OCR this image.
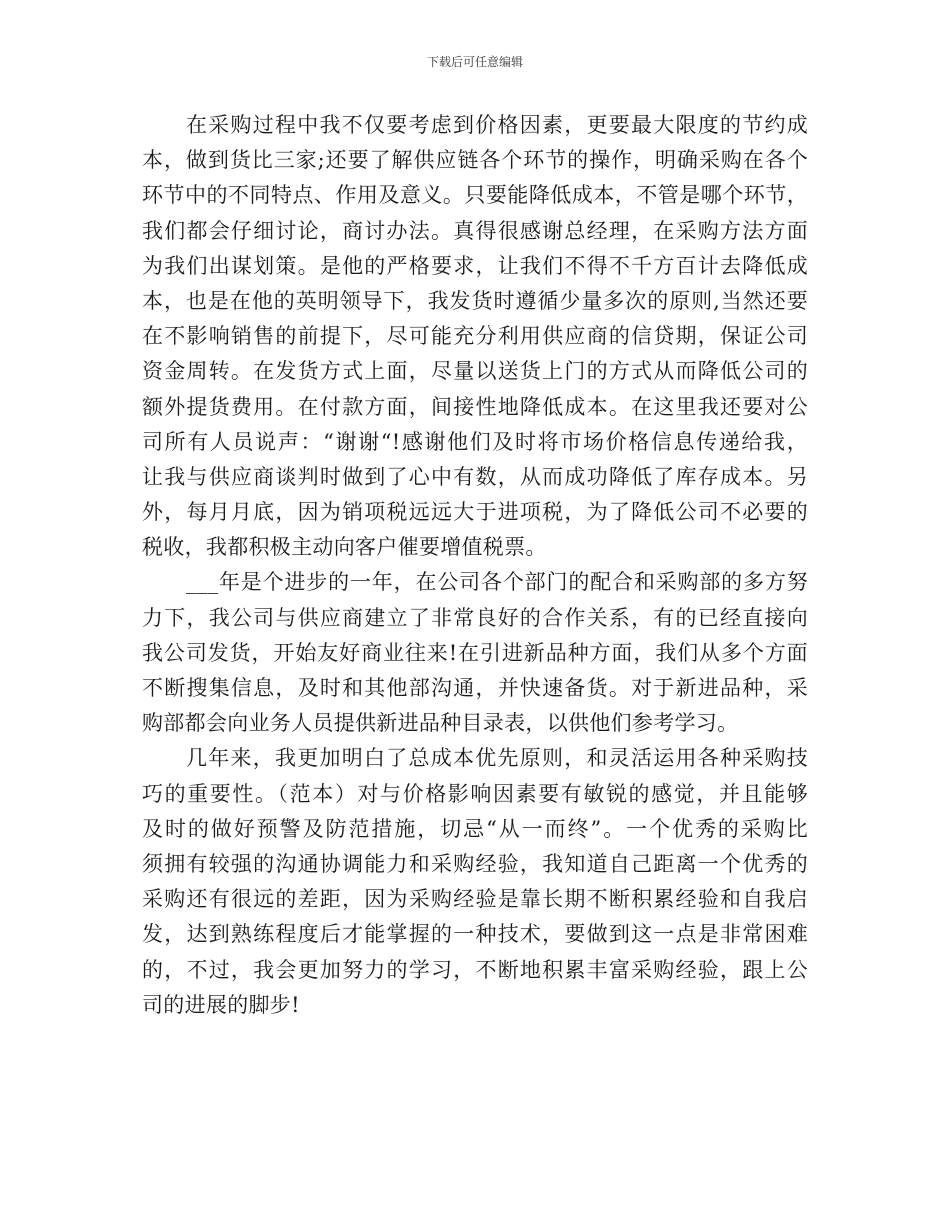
下载后可任意编辑
在采购过程中我不仅要考虑到价格因素，更要最大限度的节约成
本，做到货比三家;还要了解供应链各个环节的操作，明确采购在各个
环节中的不同特点、作用及意义。只要能降低成本，不管是哪个环节，
我们都会仔细讨论，商讨办法。真得很感谢总经理，在采购方法方面
为我们出谋划策。是他的严格要求，让我们不得不千方百计去降低成
本，也是在他的英明领导下，我发货时遵循少量多次的原则,当然还要
在不影响销售的前提下，尽可能充分利用供应商的信贷期，保证公司
资金周转。在发货方式上面，尽量以送货上门的方式从而降低公司的
额外提货费用。在付款方面，间接性地降低成本。在这里我还要对公
司所有人员说声：“谢谢“!感谢他们及时将市场价格信息传递给我，
让我与供应商谈判时做到了心中有数，从而成功降低了库存成本。另
外，每月月底，因为销项税远远大于进项税，为了降低公司不必要的
税收，我都积极主动向客户催要增值税票。
___年是个进步的一年，在公司各个部门的配合和采购部的多方努
力下，我公司与供应商建立了非常良好的合作关系，有的已经直接向
我公司发货，开始友好商业往来!在引进新品种方面，我们从多个方面
不断搜集信息，及时和其他部沟通，并快速备货。对于新进品种，采
购部都会向业务人员提供新进品种目录表，以供他们参考学习。
几年来，我更加明白了总成本优先原则，和灵活运用各种采购技
巧的重要性。（范本）对与价格影响因素要有敏锐的感觉，并且能够
及时的做好预警及防范措施，切忌“从一而终”。一个优秀的采购比
须拥有较强的沟通协调能力和采购经验，我知道自己距离一个优秀的
采购还有很远的差距，因为采购经验是靠长期不断积累经验和自我启
发，达到熟练程度后才能掌握的一种技术，要做到这一点是非常困难
的，不过，我会更加努力的学习，不断地积累丰富采购经验，跟上公
司的进展的脚步!
